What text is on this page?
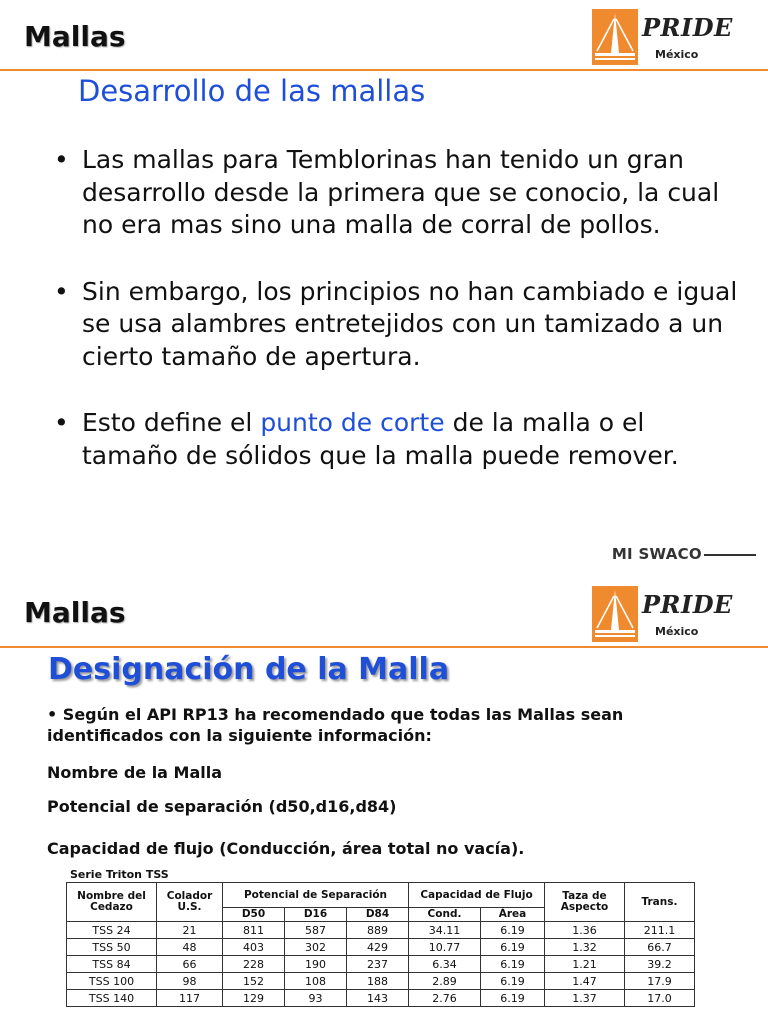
Mallas	PRIDE
México
Desarrollo de las mallas
• Las mallas para Temblorinas han tenido un gran desarrollo desde la primera que se conocio, la cual no era mas sino una malla de corral de pollos.
• Sin embargo, los principios no han cambiado e igual se usa alambres entretejidos con un tamizado a un cierto tamaño de apertura.
• Esto define el punto de corte de la malla o el tamaño de sólidos que la malla puede remover.
MI SWACO
Mallas	PRIDE
México
Designación de la Malla
• Según el API RP13 ha recomendado que todas las Mallas sean identificados con la siguiente información:
Nombre de la Malla
Potencial de separación (d50,d16,d84)
Capacidad de flujo (Conducción, área total no vacía).
Serie Triton TSS
Nombre del Cedazo	Colador U.S.	Potencial de Separación			Capacidad de Flujo		Taza de Aspecto	Trans.
		D50	D16	D84	Cond.	Área		
TSS 24	21	811	587	889	34.11	6.19	1.36	211.1
TSS 50	48	403	302	429	10.77	6.19	1.32	66.7
TSS 84	66	228	190	237	6.34	6.19	1.21	39.2
TSS 100	98	152	108	188	2.89	6.19	1.47	17.9
TSS 140	117	129	93	143	2.76	6.19	1.37	17.0
